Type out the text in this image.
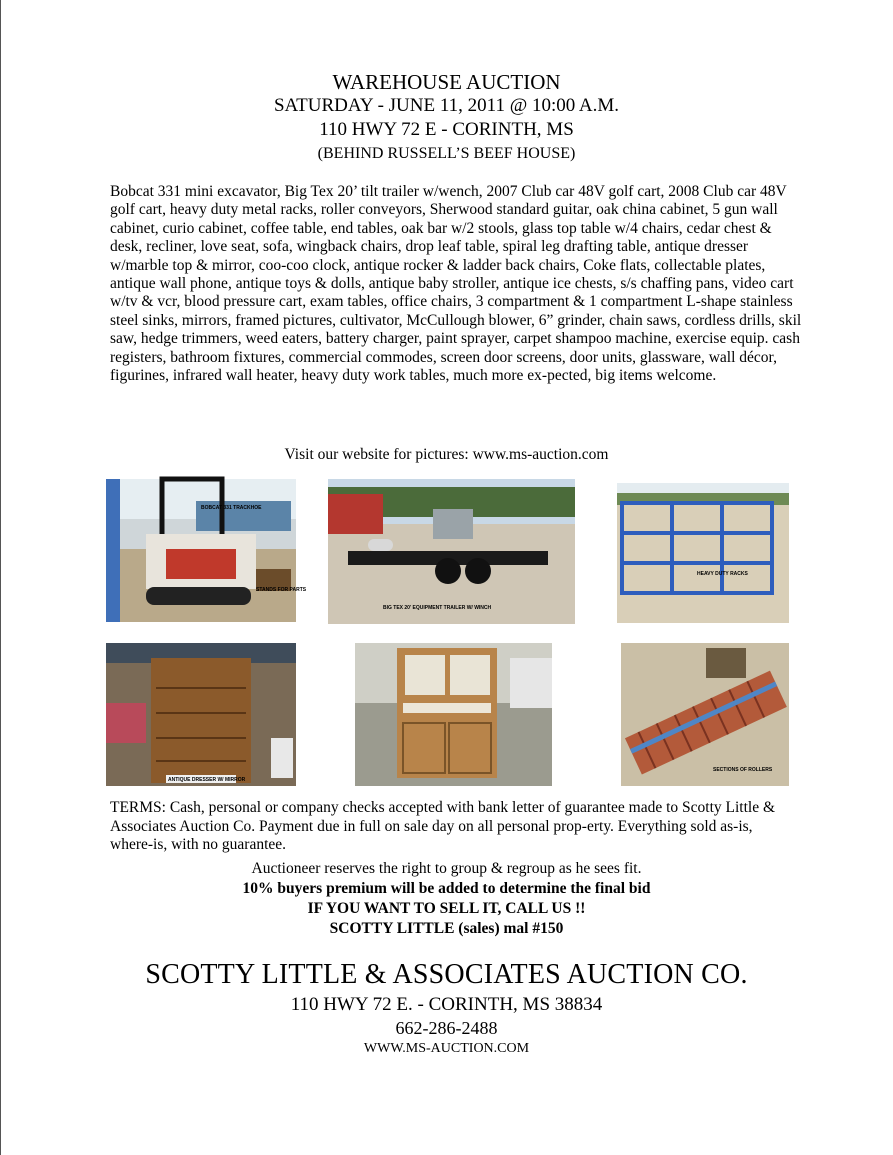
WAREHOUSE AUCTION
SATURDAY - JUNE 11, 2011 @ 10:00 A.M.
110 HWY 72 E - CORINTH, MS
(BEHIND RUSSELL’S BEEF HOUSE)
Bobcat 331 mini excavator, Big Tex 20’ tilt trailer w/wench, 2007 Club car 48V golf cart, 2008 Club car 48V golf cart, heavy duty metal racks, roller conveyors, Sherwood standard guitar, oak china cabinet, 5 gun wall cabinet, curio cabinet, coffee table, end tables, oak bar w/2 stools, glass top table w/4 chairs, cedar chest & desk, recliner, love seat, sofa, wingback chairs, drop leaf table, spiral leg drafting table, antique dresser w/marble top & mirror, coo-coo clock, antique rocker & ladder back chairs, Coke flats, collectable plates, antique wall phone, antique toys & dolls, antique baby stroller, antique ice chests, s/s chaffing pans, video cart w/tv & vcr, blood pressure cart, exam tables, office chairs, 3 compartment & 1 compartment L-shape stainless steel sinks, mirrors, framed pictures, cultivator, McCullough blower, 6” grinder, chain saws, cordless drills, skil saw, hedge trimmers, weed eaters, battery charger, paint sprayer, carpet shampoo machine, exercise equip. cash registers, bathroom fixtures, commercial commodes, screen door screens, door units, glassware, wall décor, figurines, infrared wall heater, heavy duty work tables, much more ex-pected, big items welcome.
Visit our website for pictures: www.ms-auction.com
BOBCAT 331 TRACKHOE
STANDS FOR PARTS
BIG TEX 20' EQUIPMENT TRAILER W/ WINCH
HEAVY DUTY RACKS
ANTIQUE DRESSER W/ MIRROR
SECTIONS OF ROLLERS
TERMS: Cash, personal or company checks accepted with bank letter of guarantee made to Scotty Little & Associates Auction Co. Payment due in full on sale day on all personal prop-erty. Everything sold as-is, where-is, with no guarantee.
Auctioneer reserves the right to group & regroup as he sees fit.
10% buyers premium will be added to determine the final bid
IF YOU WANT TO SELL IT, CALL US !!
SCOTTY LITTLE (sales) mal #150
SCOTTY LITTLE & ASSOCIATES AUCTION CO.
110 HWY 72 E. - CORINTH, MS 38834
662-286-2488
WWW.MS-AUCTION.COM
